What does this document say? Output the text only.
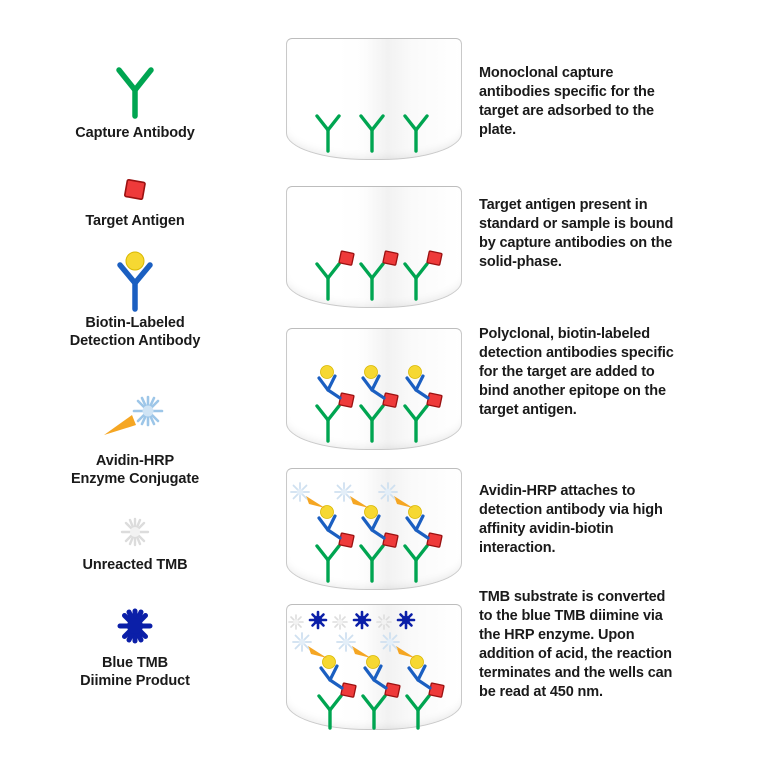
Capture Antibody
Target Antigen
Biotin-Labeled
Detection Antibody
Avidin-HRP
Enzyme Conjugate
Unreacted TMB
Blue TMB
Diimine Product
Monoclonal capture antibodies specific for the target are adsorbed to the plate.
Target antigen present in standard or sample is bound by capture antibodies on the solid-phase.
Polyclonal, biotin-labeled detection antibodies specific for the target are added to bind another epitope on the target antigen.
Avidin-HRP attaches to detection antibody via high affinity avidin-biotin interaction.
TMB substrate is converted to the blue TMB diimine via the HRP enzyme. Upon addition of acid, the reaction terminates and the wells can be read at 450 nm.
